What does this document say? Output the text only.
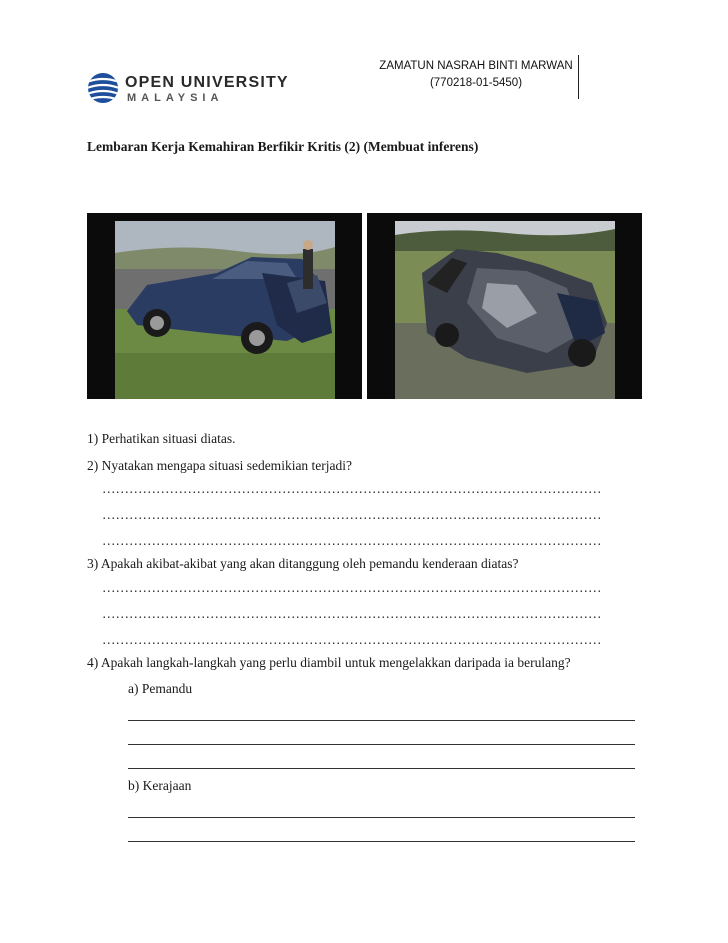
ZAMATUN NASRAH BINTI MARWAN
(770218-01-5450)
OPEN UNIVERSITY
MALAYSIA
Lembaran Kerja Kemahiran Berfikir Kritis (2) (Membuat inferens)
1) Perhatikan situasi diatas.
2) Nyatakan mengapa situasi sedemikian terjadi?
…………………………………………………………………………………………………
…………………………………………………………………………………………………
…………………………………………………………………………………………………
3) Apakah akibat-akibat yang akan ditanggung oleh pemandu kenderaan diatas?
…………………………………………………………………………………………………
…………………………………………………………………………………………………
…………………………………………………………………………………………………
4) Apakah langkah-langkah yang perlu diambil untuk mengelakkan daripada ia berulang?
a) Pemandu
b) Kerajaan
